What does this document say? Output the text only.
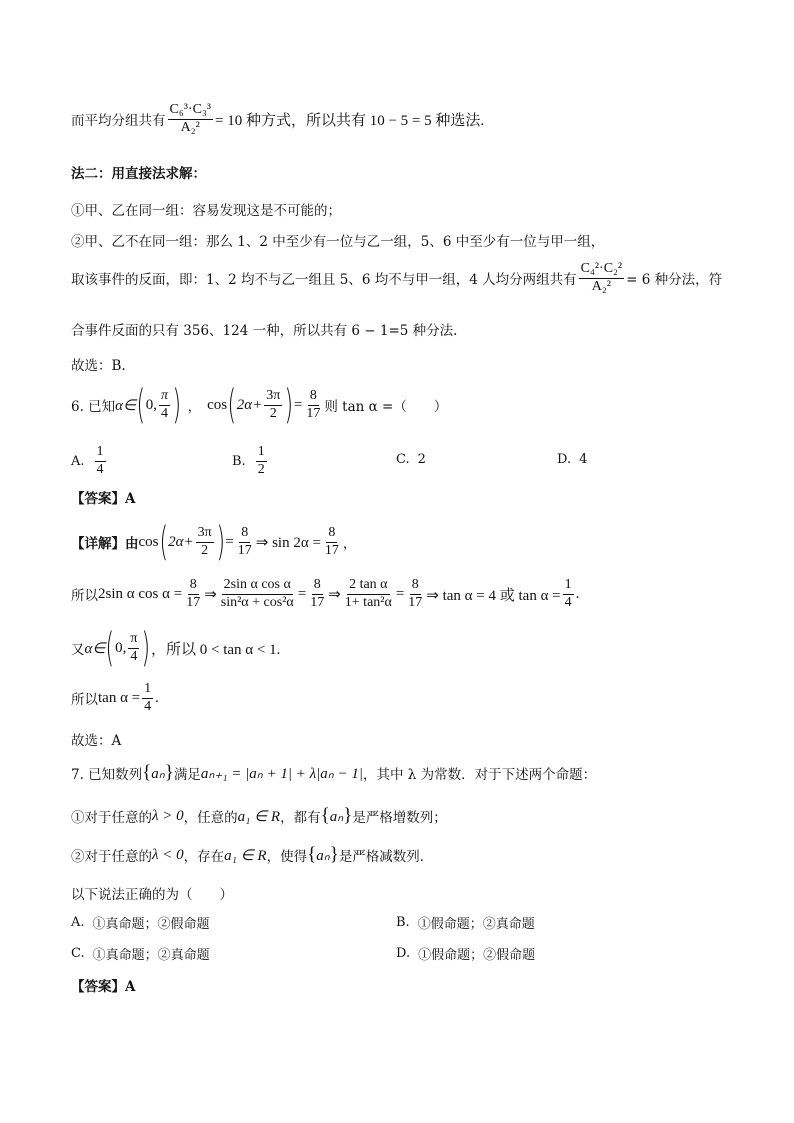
而平均分组共有 $\frac{\text{C₆³·C₃³}}{\text{A₂²}} = 10$ 种方式，所以共有 10 − 5 = 5 种选法.
法二：用直接法求解：
①甲、乙在同一组：容易发现这是不可能的；
②甲、乙不在同一组：那么 1、2 中至少有一位与乙一组，5、6 中至少有一位与甲一组，
取该事件的反面，即：1、2 均不与乙一组且 5、6 均不与甲一组，4 人均分两组共有 $\frac{\text{C₄²·C₂²}}{\text{A₂²}} = 6$ 种分法，符
合事件反面的只有 356、124 一种，所以共有 6 − 1=5 种分法.
故选：B.
6. 已知 α∈ ( 0, $\frac{\pi}{4}$ ) ， cos ( $2\alpha+ \frac{3\pi}{2}$ ) = $\frac{8}{17}$ 则 tan α =（　　）
A. $\frac{1}{4}$	B. $\frac{1}{2}$	C. 2	D. 4
【答案】A
【详解】由 cos ( $2\alpha+ \frac{3\pi}{2}$ ) = $\frac{8}{17}$ ⇒ $\sin 2\alpha = \frac{8}{17}$ ，
所以 2sin α $\cos \alpha = \frac{8}{17}$ ⇒ $\frac{\text{2sin α cos α}}{\text{sin²α + cos²α}} = \frac{8}{17}$ ⇒ $\frac{\text{2 tan α}}{\text{1+ tan²α}} = \frac{8}{17}$ ⇒ tan α = 4 或 $\tan \alpha = \frac{1}{4}$ .
又 α∈ ( 0, $\frac{\pi}{4}$ ) ，所以 0 < tan α < 1.
所以 $\tan \alpha = \frac{1}{4}$ .
故选：A
7. 已知数列 { aₙ } 满足 aₙ₊₁ = |aₙ + 1| + λ|aₙ − 1| ，其中 λ 为常数．对于下述两个命题：
①对于任意的 λ > 0 ，任意的 a₁ ∈ R ，都有 { aₙ } 是严格增数列；
②对于任意的 λ < 0 ，存在 a₁ ∈ R ，使得 { aₙ } 是严格减数列．
以下说法正确的为（　　）
A. ①真命题；②假命题	B. ①假命题；②真命题
C. ①真命题；②真命题	D. ①假命题；②假命题
【答案】A
